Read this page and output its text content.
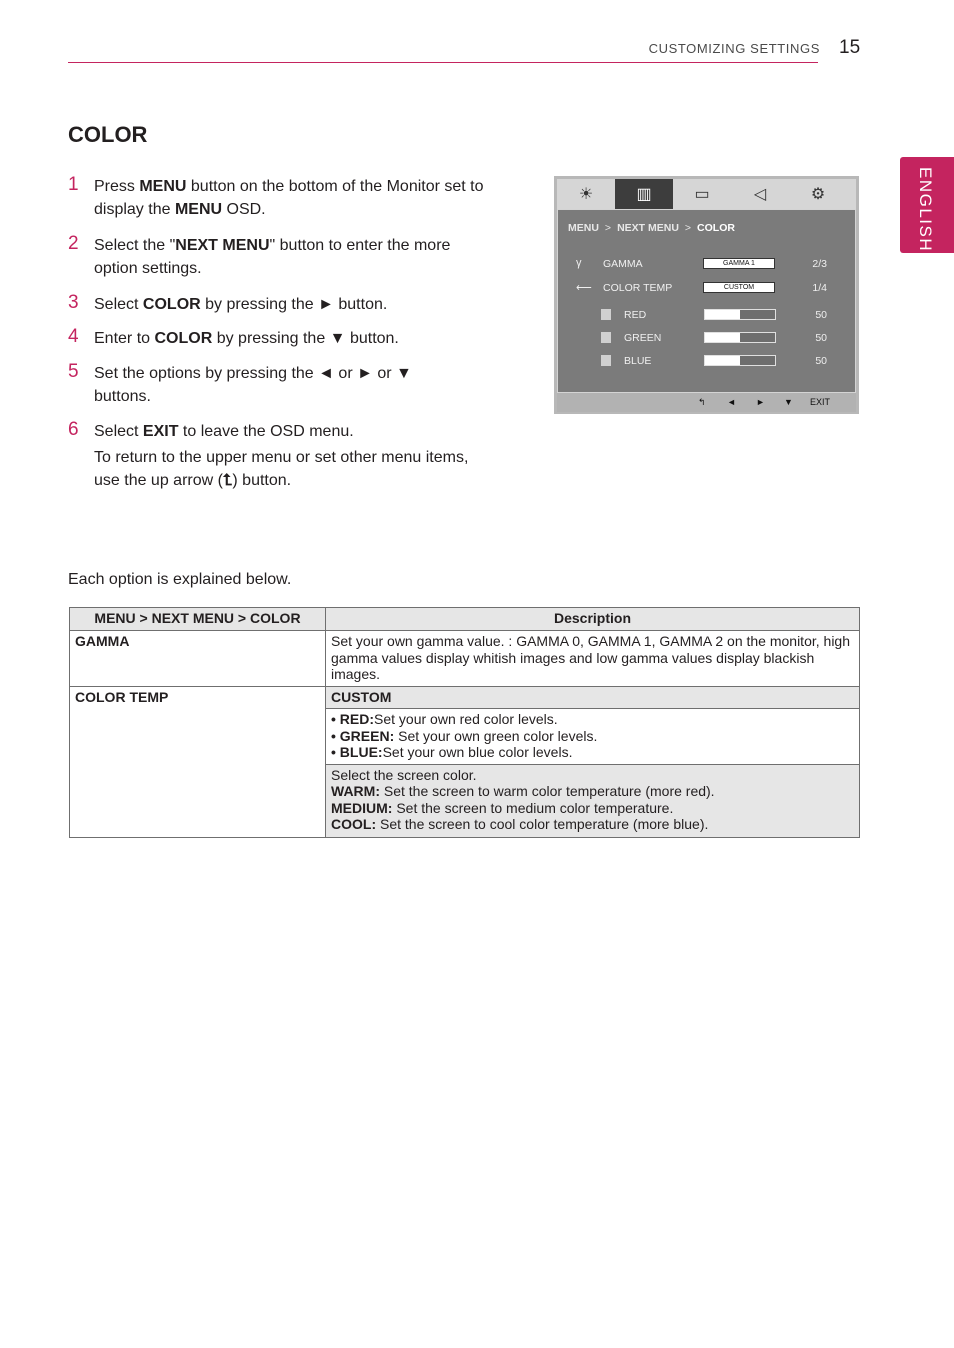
CUSTOMIZING SETTINGS 15
ENGLISH
COLOR
1 Press MENU button on the bottom of the Monitor set to display the MENU OSD.
2 Select the "NEXT MENU" button to enter the more option settings.
3 Select COLOR by pressing the ► button.
4 Enter to COLOR by pressing the ▼ button.
5 Set the options by pressing the ◄ or ► or ▼ buttons.
6 Select EXIT to leave the OSD menu.
To return to the upper menu or set other menu items, use the up arrow (⮤) button.
☀	▥	▭	◁	⚙
MENU > NEXT MENU > COLOR
γ GAMMA	GAMMA 1	2/3
⟵ COLOR TEMP	CUSTOM	1/4
RED	50
GREEN	50
BLUE	50
↰ ◄ ► ▼ EXIT
Each option is explained below.
MENU > NEXT MENU > COLOR	Description
GAMMA	Set your own gamma value. : GAMMA 0, GAMMA 1, GAMMA 2 on the monitor, high gamma values display whitish images and low gamma values display blackish images.
COLOR TEMP	CUSTOM

	• RED:Set your own red color levels.
• GREEN: Set your own green color levels.
• BLUE:Set your own blue color levels.

	Select the screen color.
WARM: Set the screen to warm color temperature (more red).
MEDIUM: Set the screen to medium color temperature.
COOL: Set the screen to cool color temperature (more blue).
